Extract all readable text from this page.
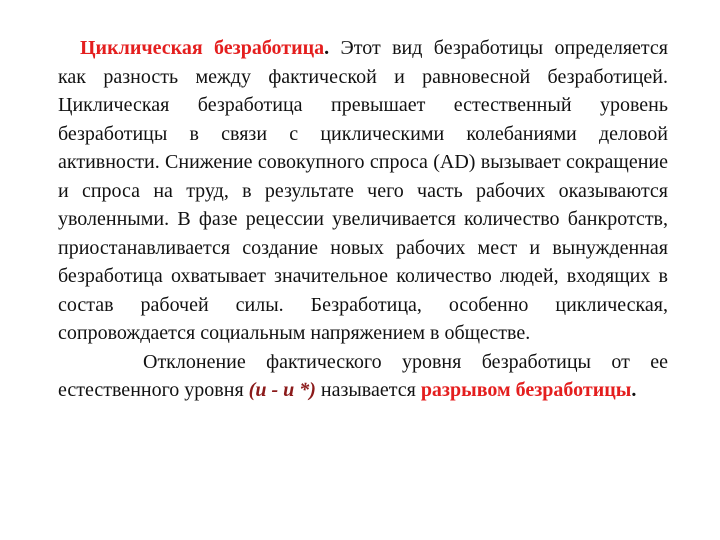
Циклическая безработица. Этот вид безработицы определяется как разность между фактической и равновесной безработицей. Циклическая безработица превышает естественный уровень безработицы в связи с циклическими колебаниями деловой активности. Снижение совокупного спроса (AD) вызывает сокращение и спроса на труд, в результате чего часть рабочих оказываются уволенными. В фазе рецессии увеличивается количество банкротств, приостанавливается создание новых рабочих мест и вынужденная безработица охватывает значительное количество людей, входящих в состав рабочей силы. Безработица, особенно циклическая, сопровождается социальным напряжением в обществе.

Отклонение фактического уровня безработицы от ее естественного уровня (u - u *) называется разрывом безработицы.
